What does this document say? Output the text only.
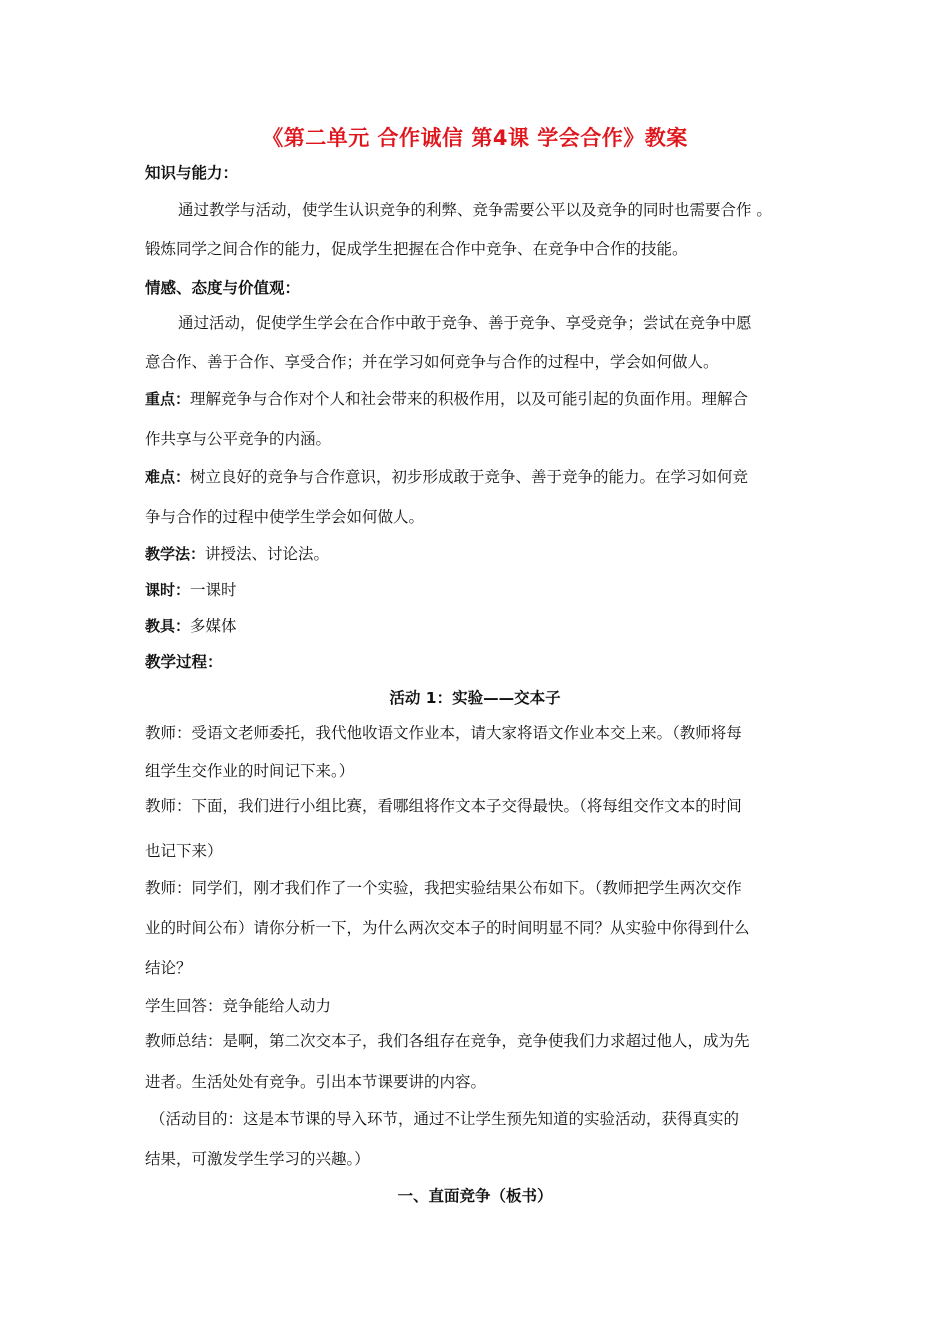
《第二单元 合作诚信 第4课 学会合作》教案
知识与能力：
通过教学与活动，使学生认识竞争的利弊、竞争需要公平以及竞争的同时也需要合作 。
锻炼同学之间合作的能力，促成学生把握在合作中竞争、在竞争中合作的技能。
情感、态度与价值观：
通过活动，促使学生学会在合作中敢于竞争、善于竞争、享受竞争；尝试在竞争中愿
意合作、善于合作、享受合作；并在学习如何竞争与合作的过程中，学会如何做人。
重点：理解竞争与合作对个人和社会带来的积极作用，以及可能引起的负面作用。理解合
作共享与公平竞争的内涵。
难点：树立良好的竞争与合作意识，初步形成敢于竞争、善于竞争的能力。在学习如何竞
争与合作的过程中使学生学会如何做人。
教学法：讲授法、讨论法。
课时：一课时
教具：多媒体
教学过程：
活动 1：实验——交本子
教师：受语文老师委托，我代他收语文作业本，请大家将语文作业本交上来。（教师将每
组学生交作业的时间记下来。）
教师：下面，我们进行小组比赛，看哪组将作文本子交得最快。（将每组交作文本的时间
也记下来）
教师：同学们，刚才我们作了一个实验，我把实验结果公布如下。（教师把学生两次交作
业的时间公布）请你分析一下，为什么两次交本子的时间明显不同？从实验中你得到什么
结论？
学生回答：竞争能给人动力
教师总结：是啊，第二次交本子，我们各组存在竞争，竞争使我们力求超过他人，成为先
进者。生活处处有竞争。引出本节课要讲的内容。
（活动目的：这是本节课的导入环节，通过不让学生预先知道的实验活动，获得真实的
结果，可激发学生学习的兴趣。）
一、直面竞争（板书）
